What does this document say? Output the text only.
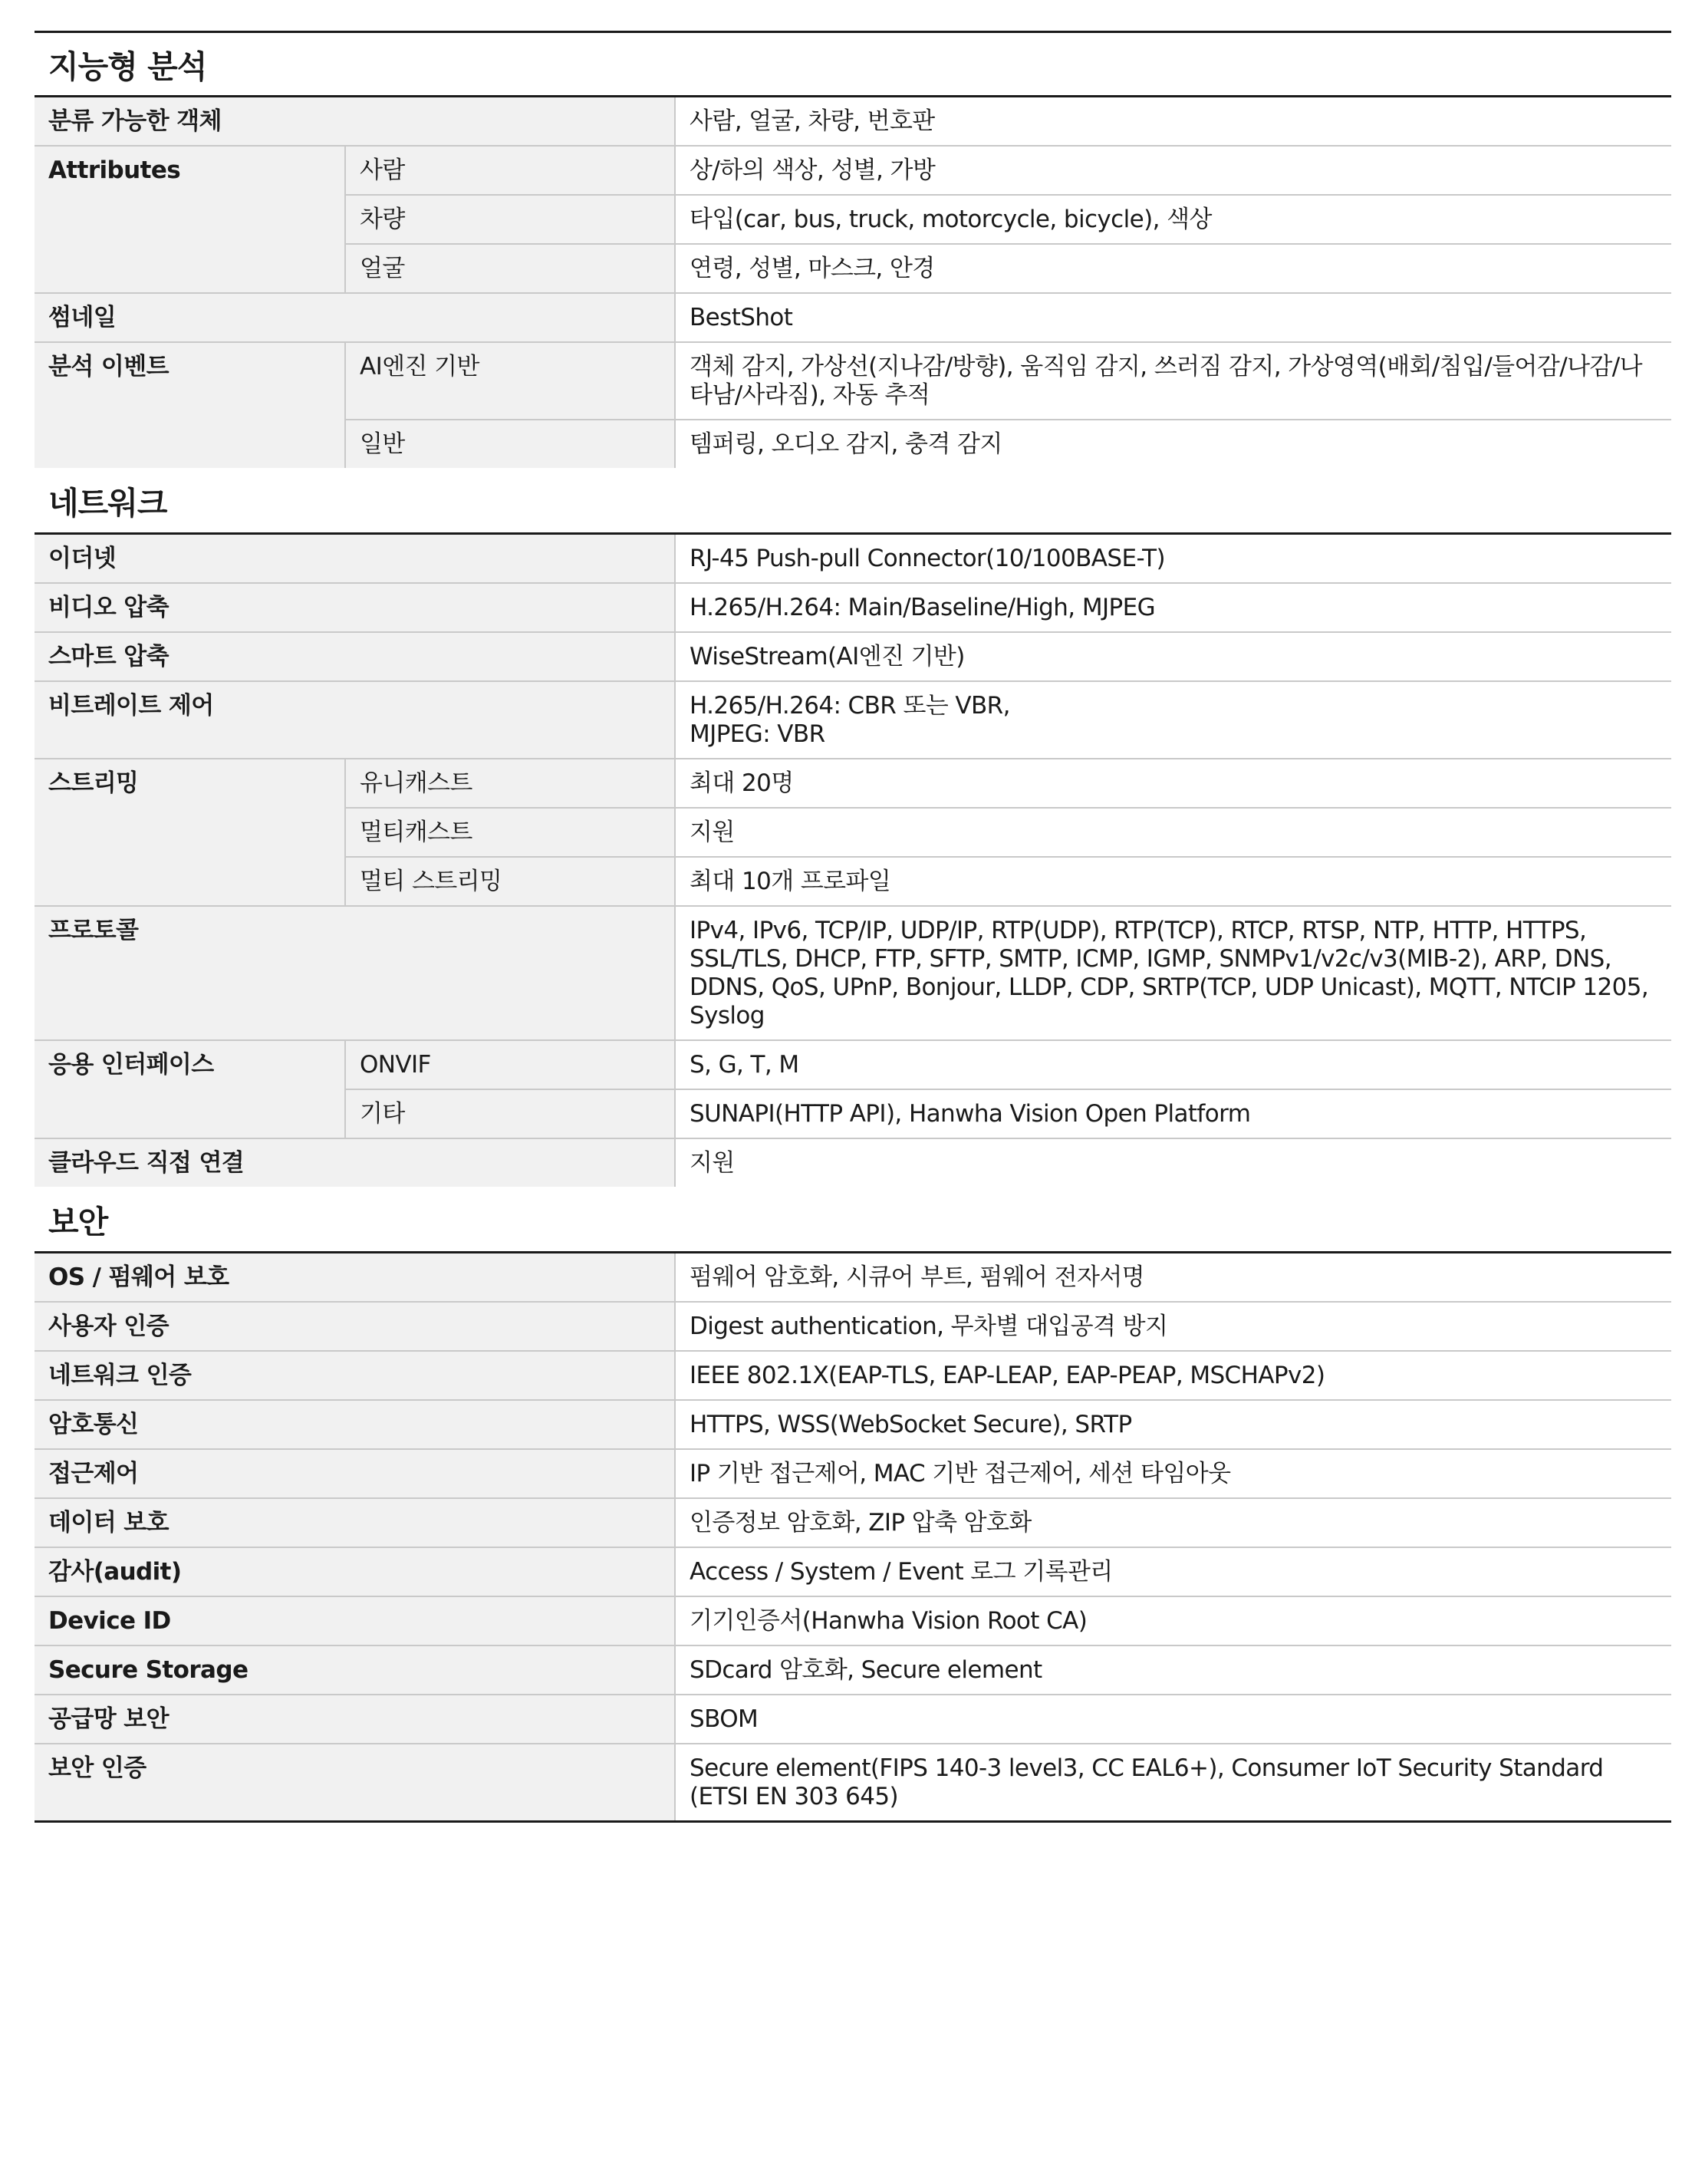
지능형 분석
분류 가능한 객체		사람, 얼굴, 차량, 번호판
Attributes	사람	상/하의 색상, 성별, 가방
	차량	타입(car, bus, truck, motorcycle, bicycle), 색상
	얼굴	연령, 성별, 마스크, 안경
썸네일		BestShot
분석 이벤트	AI엔진 기반	객체 감지, 가상선(지나감/방향), 움직임 감지, 쓰러짐 감지, 가상영역(배회/침입/들어감/나감/나타남/사라짐), 자동 추적
	일반	템퍼링, 오디오 감지, 충격 감지
네트워크
이더넷		RJ-45 Push-pull Connector(10/100BASE-T)
비디오 압축		H.265/H.264: Main/Baseline/High, MJPEG
스마트 압축		WiseStream(AI엔진 기반)
비트레이트 제어		H.265/H.264: CBR 또는 VBR,
MJPEG: VBR
스트리밍	유니캐스트	최대 20명
	멀티캐스트	지원
	멀티 스트리밍	최대 10개 프로파일
프로토콜		IPv4, IPv6, TCP/IP, UDP/IP, RTP(UDP), RTP(TCP), RTCP, RTSP, NTP, HTTP, HTTPS, SSL/TLS, DHCP, FTP, SFTP, SMTP, ICMP, IGMP, SNMPv1/v2c/v3(MIB-2), ARP, DNS, DDNS, QoS, UPnP, Bonjour, LLDP, CDP, SRTP(TCP, UDP Unicast), MQTT, NTCIP 1205, Syslog
응용 인터페이스	ONVIF	S, G, T, M
	기타	SUNAPI(HTTP API), Hanwha Vision Open Platform
클라우드 직접 연결		지원
보안
OS / 펌웨어 보호	펌웨어 암호화, 시큐어 부트, 펌웨어 전자서명
사용자 인증	Digest authentication, 무차별 대입공격 방지
네트워크 인증	IEEE 802.1X(EAP-TLS, EAP-LEAP, EAP-PEAP, MSCHAPv2)
암호통신	HTTPS, WSS(WebSocket Secure), SRTP
접근제어	IP 기반 접근제어, MAC 기반 접근제어, 세션 타임아웃
데이터 보호	인증정보 암호화, ZIP 압축 암호화
감사(audit)	Access / System / Event 로그 기록관리
Device ID	기기인증서(Hanwha Vision Root CA)
Secure Storage	SDcard 암호화, Secure element
공급망 보안	SBOM
보안 인증	Secure element(FIPS 140-3 level3, CC EAL6+), Consumer IoT Security Standard (ETSI EN 303 645)
